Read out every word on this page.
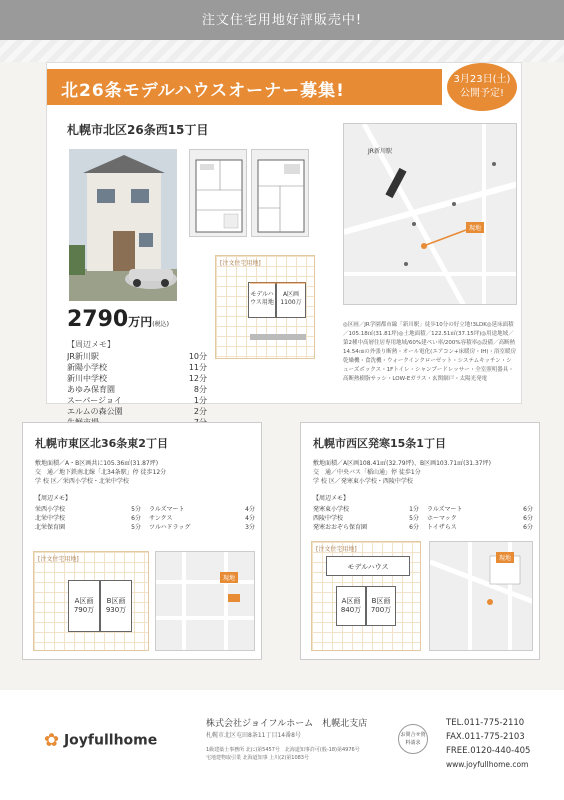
注文住宅用地好評販売中!
北26条モデルハウスオーナー募集!
3月23日(土)
公開予定!
札幌市北区26条西15丁目
2790万円(税込)
【周辺メモ】
JR新川駅	10分
新陽小学校	11分
新川中学校	12分
あゆみ保育園	8分
スーパージョイ	1分
エルムの森公園	2分
[注文住宅用地]
モデルハウス用地
A区画
1100万
JR新川駅
現地
◎区画／JR学園都市線「新川駅」徒歩10分の好立地!3LDK◎延床面積／105.18㎡(31.81坪)◎土地面積／122.51㎡(37.15坪)◎用途地域／第2種中高層住居専用地域/60%建ぺい率/200%容積率◎設備／高断熱14.54㎝の外張り断熱・オール電化(エアコン+床暖房・IH)・浴室暖房乾燥機・食洗機・ウォークインクローゼット・システムキッチン・シューズボックス・1Fトイレ・シャンプードレッサー・全室照明器具・高断熱樹脂サッシ・LOW-Eガラス・玄関網戸・太陽光発電
札幌市東区北36条東2丁目
敷地面積／A・B区画共に105.36㎡(31.87坪)
交　通／地下鉄南北線「北34条駅」停 徒歩12分
学 校 区／栄西小学校・北栄中学校
【周辺メモ】
栄西小学校	5分
北栄中学校	6分
北栄保育園	5分
ラルズマート	4分
サンクス	4分
ツルハドラッグ	3分
[注文住宅用地]
A区画
790万
B区画
930万
現地
札幌市西区発寒15条1丁目
敷地面積／A区画108.41㎡(32.79坪)、B区画103.71㎡(31.37坪)
交　通／中央バス「稲山通」停 徒歩1分
学 校 区／発寒東小学校・西陵中学校
【周辺メモ】
発寒東小学校	1分
西陵中学校	5分
発寒おおぞら保育園	6分
ラルズマート	6分
ホーマック	6分
トイザらス	6分
[注文住宅用地]
モデルハウス
A区画
840万
B区画
700万
現地
✿ Joyfullhome
株式会社ジョイフルホーム　札幌北支店
札幌市北区屯田8条11丁目14番8号
1級建築士事務所 北(ﾆ)第5457号　北海道知事許可(般-18)第4976号
宅地建物取引業 北海道知事 上川(2)第1083号
お問合せ資料請求
TEL.011-775-2110
FAX.011-775-2103
FREE.0120-440-405
www.joyfullhome.com
